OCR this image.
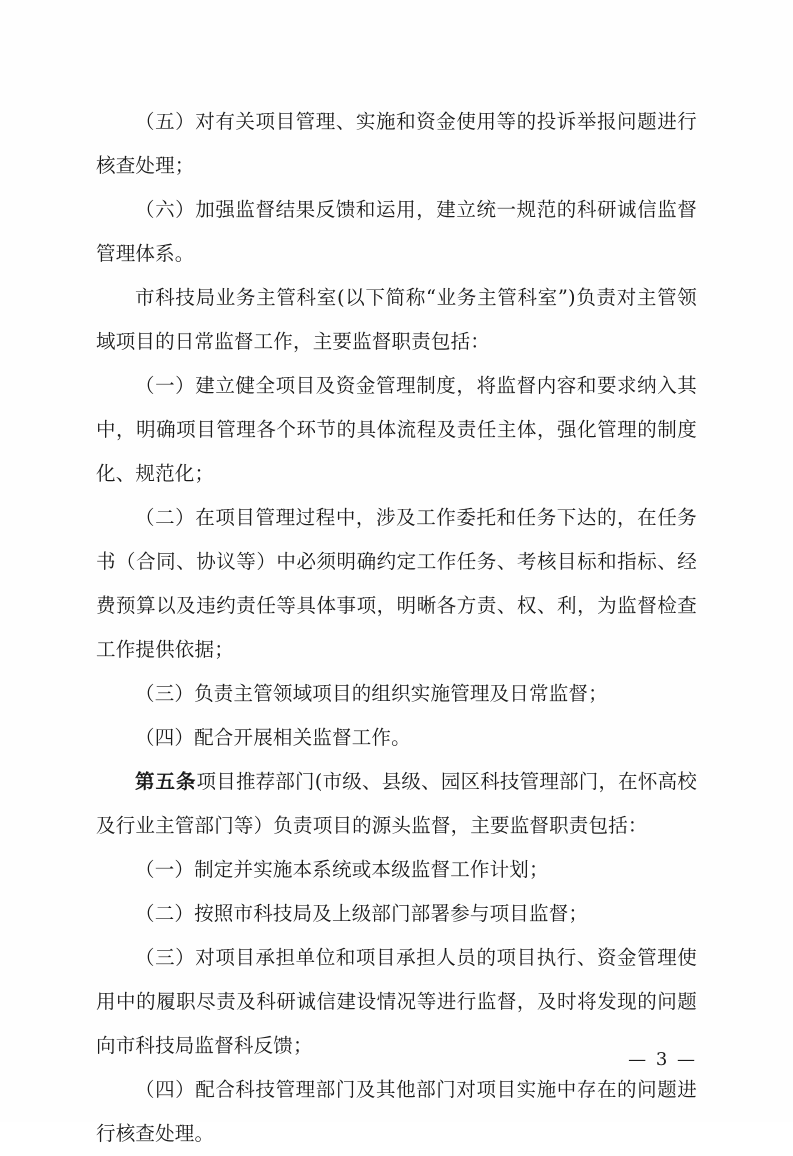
（五）对有关项目管理、实施和资金使用等的投诉举报问题进行核查处理；

（六）加强监督结果反馈和运用，建立统一规范的科研诚信监督管理体系。

市科技局业务主管科室(以下简称“业务主管科室”)负责对主管领域项目的日常监督工作，主要监督职责包括：

（一）建立健全项目及资金管理制度，将监督内容和要求纳入其中，明确项目管理各个环节的具体流程及责任主体，强化管理的制度化、规范化；

（二）在项目管理过程中，涉及工作委托和任务下达的，在任务书（合同、协议等）中必须明确约定工作任务、考核目标和指标、经费预算以及违约责任等具体事项，明晰各方责、权、利，为监督检查工作提供依据；

（三）负责主管领域项目的组织实施管理及日常监督；

（四）配合开展相关监督工作。

第五条项目推荐部门(市级、县级、园区科技管理部门，在怀高校及行业主管部门等）负责项目的源头监督，主要监督职责包括：

（一）制定并实施本系统或本级监督工作计划；

（二）按照市科技局及上级部门部署参与项目监督；

（三）对项目承担单位和项目承担人员的项目执行、资金管理使用中的履职尽责及科研诚信建设情况等进行监督，及时将发现的问题向市科技局监督科反馈；

（四）配合科技管理部门及其他部门对项目实施中存在的问题进行核查处理。

— 3 —
